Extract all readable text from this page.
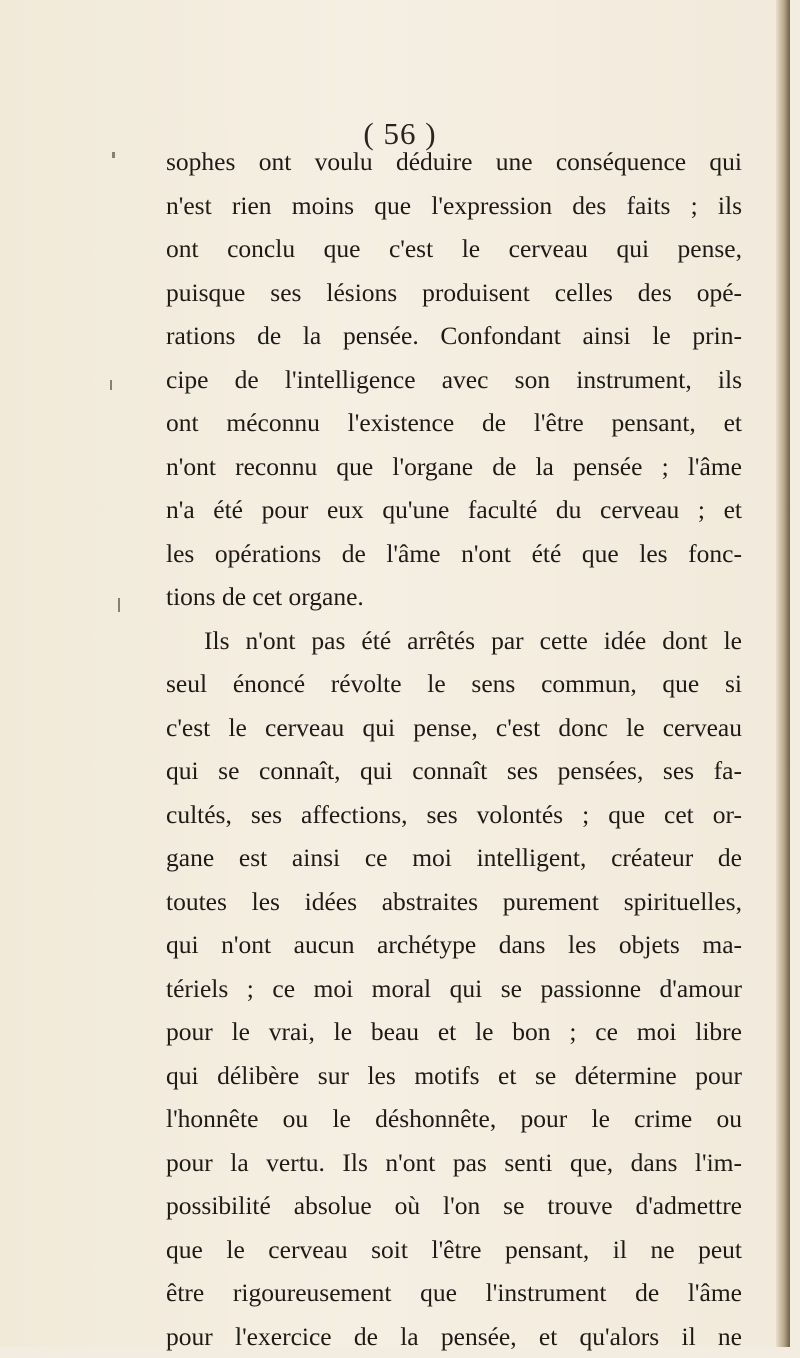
( 56 )
sophes ont voulu déduire une conséquence qui
n'est rien moins que l'expression des faits ; ils
ont conclu que c'est le cerveau qui pense,
puisque ses lésions produisent celles des opé-
rations de la pensée. Confondant ainsi le prin-
cipe de l'intelligence avec son instrument, ils
ont méconnu l'existence de l'être pensant, et
n'ont reconnu que l'organe de la pensée ; l'âme
n'a été pour eux qu'une faculté du cerveau ; et
les opérations de l'âme n'ont été que les fonc-
tions de cet organe.
Ils n'ont pas été arrêtés par cette idée dont le
seul énoncé révolte le sens commun, que si
c'est le cerveau qui pense, c'est donc le cerveau
qui se connaît, qui connaît ses pensées, ses fa-
cultés, ses affections, ses volontés ; que cet or-
gane est ainsi ce moi intelligent, créateur de
toutes les idées abstraites purement spirituelles,
qui n'ont aucun archétype dans les objets ma-
tériels ; ce moi moral qui se passionne d'amour
pour le vrai, le beau et le bon ; ce moi libre
qui délibère sur les motifs et se détermine pour
l'honnête ou le déshonnête, pour le crime ou
pour la vertu. Ils n'ont pas senti que, dans l'im-
possibilité absolue où l'on se trouve d'admettre
que le cerveau soit l'être pensant, il ne peut
être rigoureusement que l'instrument de l'âme
pour l'exercice de la pensée, et qu'alors il ne
